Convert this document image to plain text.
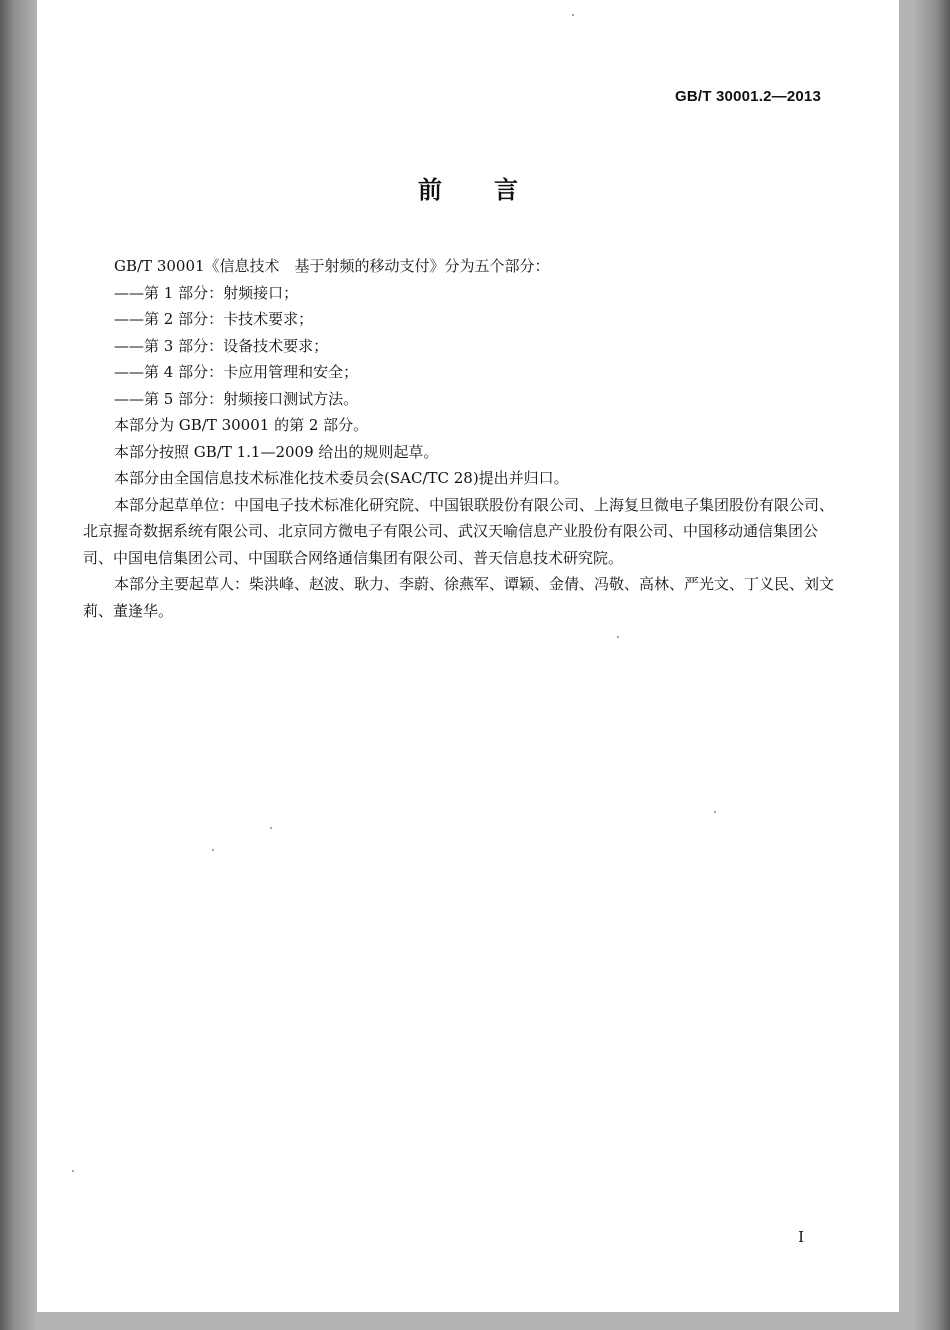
GB/T 30001.2—2013
前言

GB/T 30001《信息技术　基于射频的移动支付》分为五个部分：

——第 1 部分：射频接口；

——第 2 部分：卡技术要求；

——第 3 部分：设备技术要求；

——第 4 部分：卡应用管理和安全；

——第 5 部分：射频接口测试方法。

本部分为 GB/T 30001 的第 2 部分。

本部分按照 GB/T 1.1—2009 给出的规则起草。

本部分由全国信息技术标准化技术委员会(SAC/TC 28)提出并归口。

本部分起草单位：中国电子技术标准化研究院、中国银联股份有限公司、上海复旦微电子集团股份有限公司、北京握奇数据系统有限公司、北京同方微电子有限公司、武汉天喻信息产业股份有限公司、中国移动通信集团公司、中国电信集团公司、中国联合网络通信集团有限公司、普天信息技术研究院。

本部分主要起草人：柴洪峰、赵波、耿力、李蔚、徐燕军、谭颖、金倩、冯敬、高林、严光文、丁义民、刘文莉、董逢华。

I
